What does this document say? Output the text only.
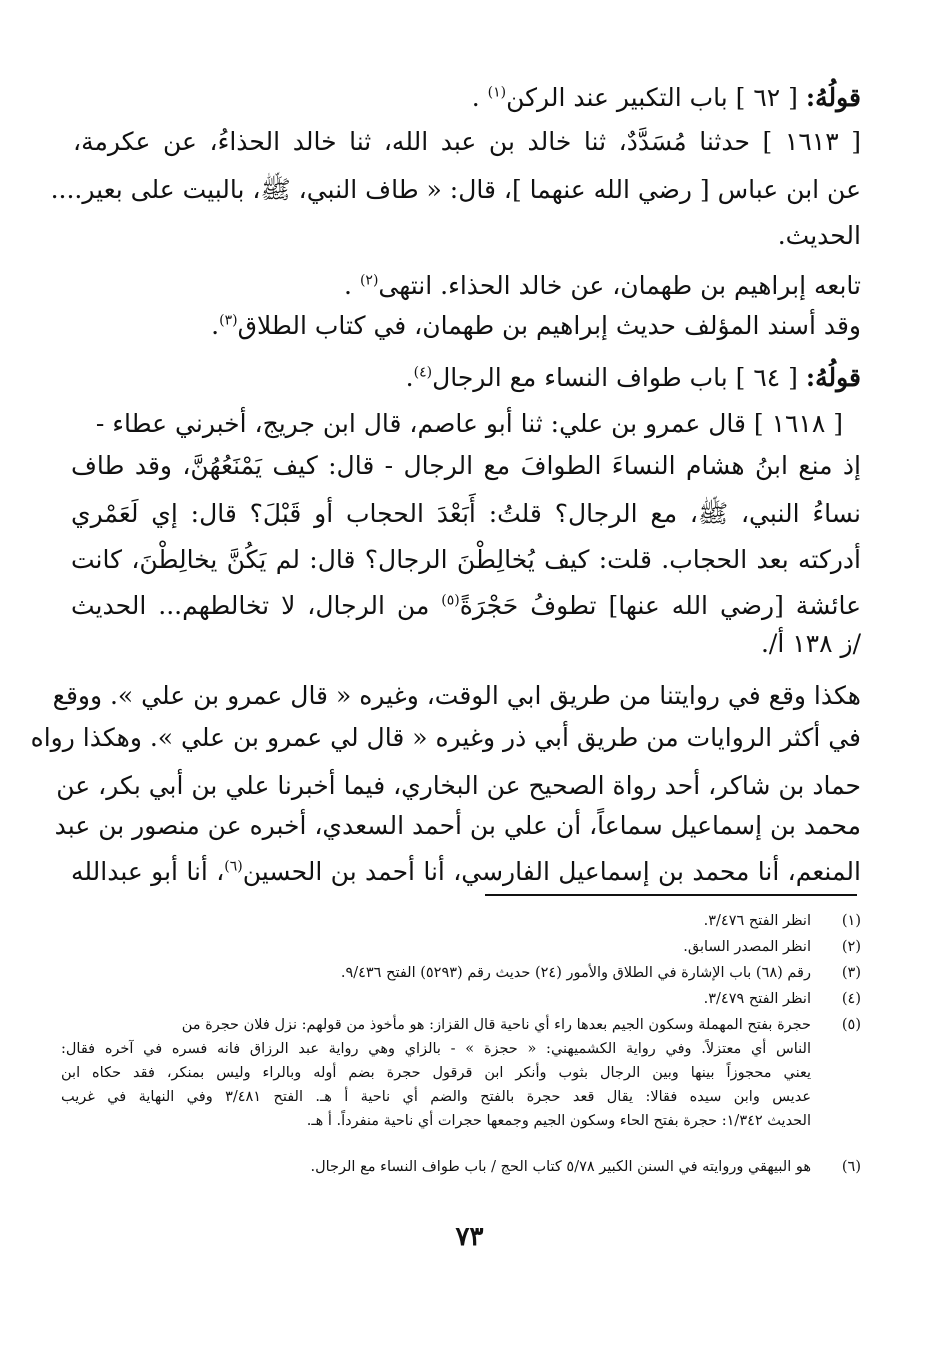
قولُهُ: [ ٦٢ ] باب التكبير عند الركن$^{(١)}$ .
[ ١٦١٣ ] حدثنا مُسَدَّدٌ، ثنا خالد بن عبد الله، ثنا خالد الحذاءُ، عن عكرمة،
عن ابن عباس [ رضي الله عنهما ]، قال: « طاف النبي، ﷺ، بالبيت على بعير....
الحديث.
تابعه إبراهيم بن طهمان، عن خالد الحذاء. انتهى$^{(٢)}$ .
وقد أسند المؤلف حديث إبراهيم بن طهمان، في كتاب الطلاق$^{(٣)}$.
قولُهُ: [ ٦٤ ] باب طواف النساء مع الرجال$^{(٤)}$.
[ ١٦١٨ ] قال عمرو بن علي: ثنا أبو عاصم، قال ابن جريج، أخبرني عطاء -
إذ منع ابنُ هشام النساءَ الطوافَ مع الرجال - قال: كيف يَمْنَعُهُنَّ، وقد طاف
نساءُ النبي، ﷺ، مع الرجال؟ قلتُ: أَبَعْدَ الحجاب أو قَبْلَ؟ قال: إي لَعَمْري
أدركته بعد الحجاب. قلت: كيف يُخالِطْنَ الرجال؟ قال: لم يَكُنَّ يخالِطْنَ، كانت
عائشة [رضي الله عنها] تطوفُ حَجْرَةً$^{(٥)}$ من الرجال، لا تخالطهم... الحديث
/ز ١٣٨ أ/.
هكذا وقع في روايتنا من طريق ابي الوقت، وغيره « قال عمرو بن علي ». ووقع
في أكثر الروايات من طريق أبي ذر وغيره « قال لي عمرو بن علي ». وهكذا رواه
حماد بن شاكر، أحد رواة الصحيح عن البخاري، فيما أخبرنا علي بن أبي بكر، عن
محمد بن إسماعيل سماعاً، أن علي بن أحمد السعدي، أخبره عن منصور بن عبد
المنعم، أنا محمد بن إسماعيل الفارسي، أنا أحمد بن الحسين$^{(٦)}$، أنا أبو عبدالله
(١)انظر الفتح ٣/٤٧٦.
(٢)انظر المصدر السابق.
(٣)رقم (٦٨) باب الإشارة في الطلاق والأمور (٢٤) حديث رقم (٥٢٩٣) الفتح ٩/٤٣٦.
(٤)انظر الفتح ٣/٤٧٩.
(٥)حجرة بفتح المهملة وسكون الجيم بعدها راء أي ناحية قال القزاز: هو مأخوذ من قولهم: نزل فلان حجرة من
الناس أي معتزلاً. وفي رواية الكشميهني: « حجزة » - بالزاي وهي رواية عبد الرزاق فانه فسره في آخره فقال:
يعني محجوزاً بينها وبين الرجال بثوب وأنكر ابن قرقول حجرة بضم أوله وبالراء وليس بمنكر، فقد حكاه ابن
عديس وابن سيده فقالا: يقال قعد حجرة بالفتح والضم أي ناحية أ هـ. الفتح ٣/٤٨١ وفي النهاية في غريب
الحديث ١/٣٤٢: حجرة بفتح الحاء وسكون الجيم وجمعها حجرات أي ناحية منفرداً. أ هـ.
(٦)هو البيهقي وروايته في السنن الكبير ٥/٧٨ كتاب الحج / باب طواف النساء مع الرجال.
٧٣
